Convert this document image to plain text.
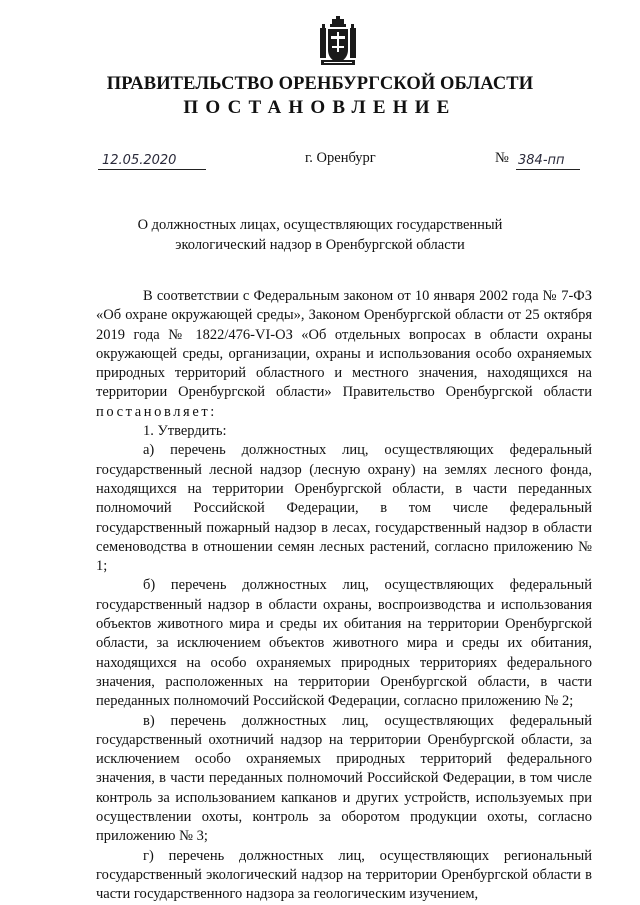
ПРАВИТЕЛЬСТВО ОРЕНБУРГСКОЙ ОБЛАСТИ
ПОСТАНОВЛЕНИЕ
12.05.2020	г. Оренбург	№ 384-пп
О должностных лицах, осуществляющих государственный
экологический надзор в Оренбургской области

В соответствии с Федеральным законом от 10 января 2002 года № 7-ФЗ «Об охране окружающей среды», Законом Оренбургской области от 25 октября 2019 года № 1822/476-VI-ОЗ «Об отдельных вопросах в области охраны окружающей среды, организации, охраны и использования особо охраняемых природных территорий областного и местного значения, находящихся на территории Оренбургской области» Правительство Оренбургской области постановляет:

1. Утвердить:

а) перечень должностных лиц, осуществляющих федеральный государственный лесной надзор (лесную охрану) на землях лесного фонда, находящихся на территории Оренбургской области, в части переданных полномочий Российской Федерации, в том числе федеральный государственный пожарный надзор в лесах, государственный надзор в области семеноводства в отношении семян лесных растений, согласно приложению № 1;

б) перечень должностных лиц, осуществляющих федеральный государственный надзор в области охраны, воспроизводства и использования объектов животного мира и среды их обитания на территории Оренбургской области, за исключением объектов животного мира и среды их обитания, находящихся на особо охраняемых природных территориях федерального значения, расположенных на территории Оренбургской области, в части переданных полномочий Российской Федерации, согласно приложению № 2;

в) перечень должностных лиц, осуществляющих федеральный государственный охотничий надзор на территории Оренбургской области, за исключением особо охраняемых природных территорий федерального значения, в части переданных полномочий Российской Федерации, в том числе контроль за использованием капканов и других устройств, используемых при осуществлении охоты, контроль за оборотом продукции охоты, согласно приложению № 3;

г) перечень должностных лиц, осуществляющих региональный государственный экологический надзор на территории Оренбургской области в части государственного надзора за геологическим изучением,
